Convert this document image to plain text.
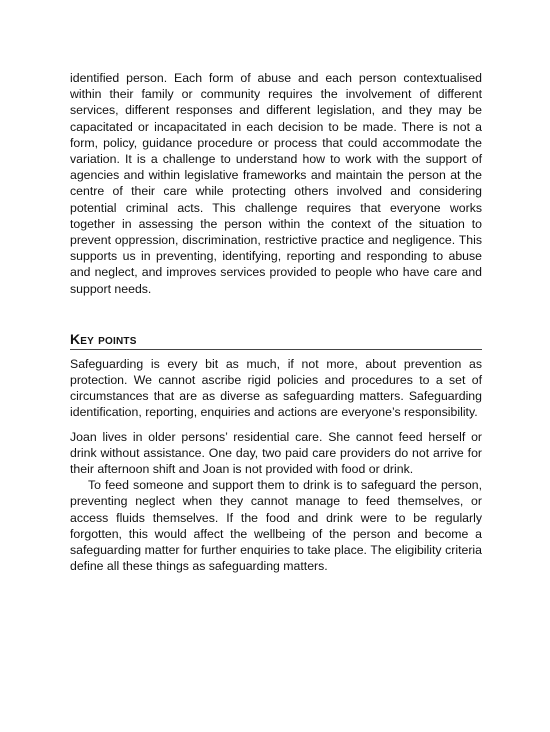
identified person. Each form of abuse and each person contextualised within their family or community requires the involvement of different services, different responses and different legislation, and they may be capacitated or incapacitated in each decision to be made. There is not a form, policy, guidance procedure or process that could accommodate the variation. It is a challenge to understand how to work with the support of agencies and within legislative frameworks and maintain the person at the centre of their care while protecting others involved and considering potential criminal acts. This challenge requires that everyone works together in assessing the person within the context of the situation to prevent oppression, discrimination, restrictive practice and negligence. This supports us in preventing, identifying, reporting and responding to abuse and neglect, and improves services provided to people who have care and support needs.

Key points

Safeguarding is every bit as much, if not more, about prevention as protection. We cannot ascribe rigid policies and procedures to a set of circumstances that are as diverse as safeguarding matters. Safeguarding identification, reporting, enquiries and actions are everyone’s responsibility.

Joan lives in older persons’ residential care. She cannot feed herself or drink without assistance. One day, two paid care providers do not arrive for their afternoon shift and Joan is not provided with food or drink.

To feed someone and support them to drink is to safeguard the person, preventing neglect when they cannot manage to feed themselves, or access fluids themselves. If the food and drink were to be regularly forgotten, this would affect the wellbeing of the person and become a safeguarding matter for further enquiries to take place. The eligibility criteria define all these things as safeguarding matters.
